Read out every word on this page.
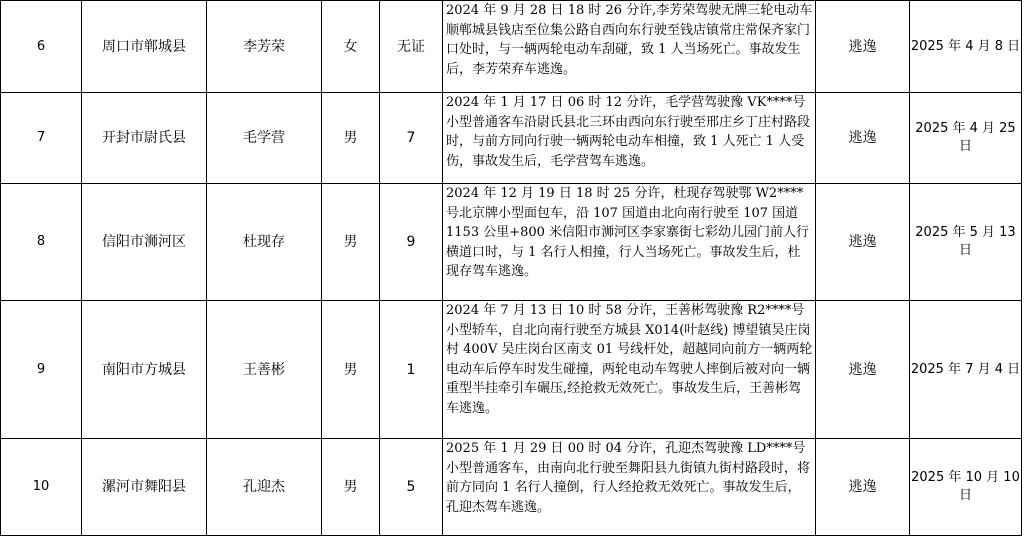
6	周口市郸城县	李芳荣	女	无证	2024 年 9 月 28 日 18 时 26 分许,李芳荣驾驶无牌三轮电动车顺郸城县钱店至位集公路自西向东行驶至钱店镇常庄常保齐家门口处时，与一辆两轮电动车刮碰，致 1 人当场死亡。事故发生后，李芳荣弃车逃逸。	逃逸	2025 年 4 月 8 日
7	开封市尉氏县	毛学营	男	7	2024 年 1 月 17 日 06 时 12 分许，毛学营驾驶豫 VK****号小型普通客车沿尉氏县北三环由西向东行驶至邢庄乡丁庄村路段时，与前方同向行驶一辆两轮电动车相撞，致 1 人死亡 1 人受伤，事故发生后，毛学营驾车逃逸。	逃逸	2025 年 4 月 25 日
8	信阳市浉河区	杜现存	男	9	2024 年 12 月 19 日 18 时 25 分许，杜现存驾驶鄂 W2****号北京牌小型面包车，沿 107 国道由北向南行驶至 107 国道 1153 公里+800 米信阳市浉河区李家寨街七彩幼儿园门前人行横道口时，与 1 名行人相撞，行人当场死亡。事故发生后，杜现存驾车逃逸。	逃逸	2025 年 5 月 13 日
9	南阳市方城县	王善彬	男	1	2024 年 7 月 13 日 10 时 58 分许，王善彬驾驶豫 R2****号小型轿车，自北向南行驶至方城县 X014(叶赵线) 博望镇吴庄岗村 400V 吴庄岗台区南支 01 号线杆处，超越同向前方一辆两轮电动车后停车时发生碰撞，两轮电动车驾驶人摔倒后被对向一辆重型半挂牵引车碾压,经抢救无效死亡。事故发生后，王善彬驾车逃逸。	逃逸	2025 年 7 月 4 日
10	漯河市舞阳县	孔迎杰	男	5	2025 年 1 月 29 日 00 时 04 分许，孔迎杰驾驶豫 LD****号小型普通客车，由南向北行驶至舞阳县九街镇九街村路段时，将前方同向 1 名行人撞倒，行人经抢救无效死亡。事故发生后，孔迎杰驾车逃逸。	逃逸	2025 年 10 月 10 日
